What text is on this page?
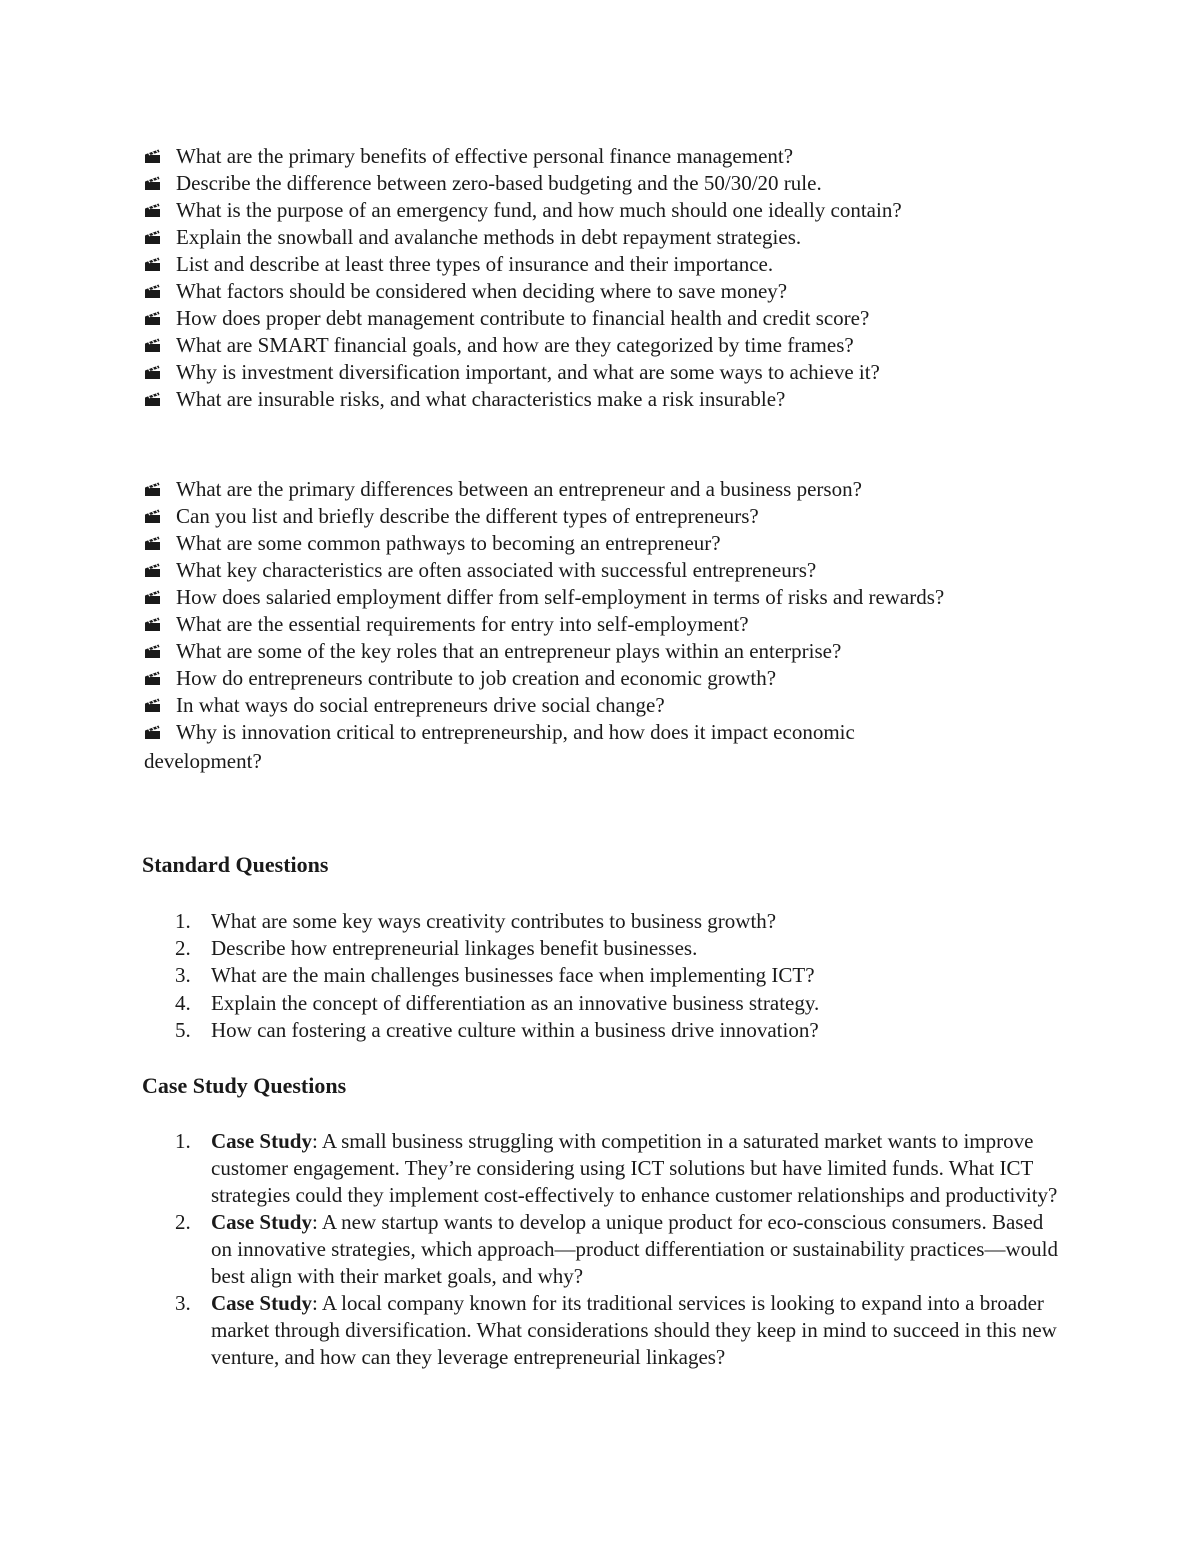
What are the primary benefits of effective personal finance management?
Describe the difference between zero-based budgeting and the 50/30/20 rule.
What is the purpose of an emergency fund, and how much should one ideally contain?
Explain the snowball and avalanche methods in debt repayment strategies.
List and describe at least three types of insurance and their importance.
What factors should be considered when deciding where to save money?
How does proper debt management contribute to financial health and credit score?
What are SMART financial goals, and how are they categorized by time frames?
Why is investment diversification important, and what are some ways to achieve it?
What are insurable risks, and what characteristics make a risk insurable?
What are the primary differences between an entrepreneur and a business person?
Can you list and briefly describe the different types of entrepreneurs?
What are some common pathways to becoming an entrepreneur?
What key characteristics are often associated with successful entrepreneurs?
How does salaried employment differ from self-employment in terms of risks and rewards?
What are the essential requirements for entry into self-employment?
What are some of the key roles that an entrepreneur plays within an enterprise?
How do entrepreneurs contribute to job creation and economic growth?
In what ways do social entrepreneurs drive social change?
Why is innovation critical to entrepreneurship, and how does it impact economic
development?
Standard Questions
1. What are some key ways creativity contributes to business growth?
2. Describe how entrepreneurial linkages benefit businesses.
3. What are the main challenges businesses face when implementing ICT?
4. Explain the concept of differentiation as an innovative business strategy.
5. How can fostering a creative culture within a business drive innovation?
Case Study Questions
1. Case Study: A small business struggling with competition in a saturated market wants to improve customer engagement. They’re considering using ICT solutions but have limited funds. What ICT strategies could they implement cost-effectively to enhance customer relationships and productivity?
2. Case Study: A new startup wants to develop a unique product for eco-conscious consumers. Based on innovative strategies, which approach—product differentiation or sustainability practices—would best align with their market goals, and why?
3. Case Study: A local company known for its traditional services is looking to expand into a broader market through diversification. What considerations should they keep in mind to succeed in this new venture, and how can they leverage entrepreneurial linkages?
